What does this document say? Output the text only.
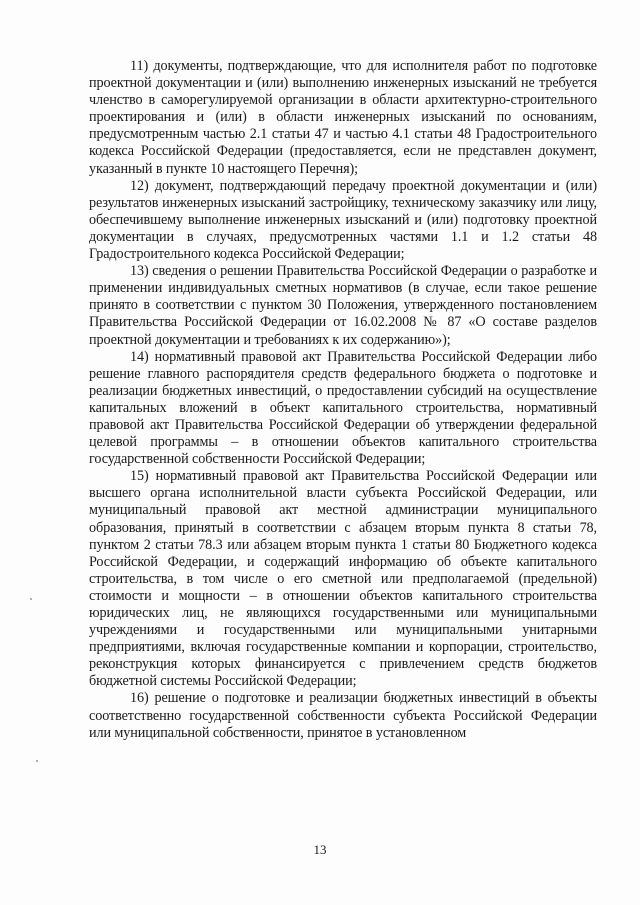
11) документы, подтверждающие, что для исполнителя работ по подготовке проектной документации и (или) выполнению инженерных изысканий не требуется членство в саморегулируемой организации в области архитектурно-строительного проектирования и (или) в области инженерных изысканий по основаниям, предусмотренным частью 2.1 статьи 47 и частью 4.1 статьи 48 Градостроительного кодекса Российской Федерации (предоставляется, если не представлен документ, указанный в пункте 10 настоящего Перечня);

12) документ, подтверждающий передачу проектной документации и (или) результатов инженерных изысканий застройщику, техническому заказчику или лицу, обеспечившему выполнение инженерных изысканий и (или) подготовку проектной документации в случаях, предусмотренных частями 1.1 и 1.2 статьи 48 Градостроительного кодекса Российской Федерации;

13) сведения о решении Правительства Российской Федерации о разработке и применении индивидуальных сметных нормативов (в случае, если такое решение принято в соответствии с пунктом 30 Положения, утвержденного постановлением Правительства Российской Федерации от 16.02.2008 № 87 «О составе разделов проектной документации и требованиях к их содержанию»);

14) нормативный правовой акт Правительства Российской Федерации либо решение главного распорядителя средств федерального бюджета о подготовке и реализации бюджетных инвестиций, о предоставлении субсидий на осуществление капитальных вложений в объект капитального строительства, нормативный правовой акт Правительства Российской Федерации об утверждении федеральной целевой программы – в отношении объектов капитального строительства государственной собственности Российской Федерации;

15) нормативный правовой акт Правительства Российской Федерации или высшего органа исполнительной власти субъекта Российской Федерации, или муниципальный правовой акт местной администрации муниципального образования, принятый в соответствии с абзацем вторым пункта 8 статьи 78, пунктом 2 статьи 78.3 или абзацем вторым пункта 1 статьи 80 Бюджетного кодекса Российской Федерации, и содержащий информацию об объекте капитального строительства, в том числе о его сметной или предполагаемой (предельной) стоимости и мощности – в отношении объектов капитального строительства юридических лиц, не являющихся государственными или муниципальными учреждениями и государственными или муниципальными унитарными предприятиями, включая государственные компании и корпорации, строительство, реконструкция которых финансируется с привлечением средств бюджетов бюджетной системы Российской Федерации;

16) решение о подготовке и реализации бюджетных инвестиций в объекты соответственно государственной собственности субъекта Российской Федерации или муниципальной собственности, принятое в установленном

13
